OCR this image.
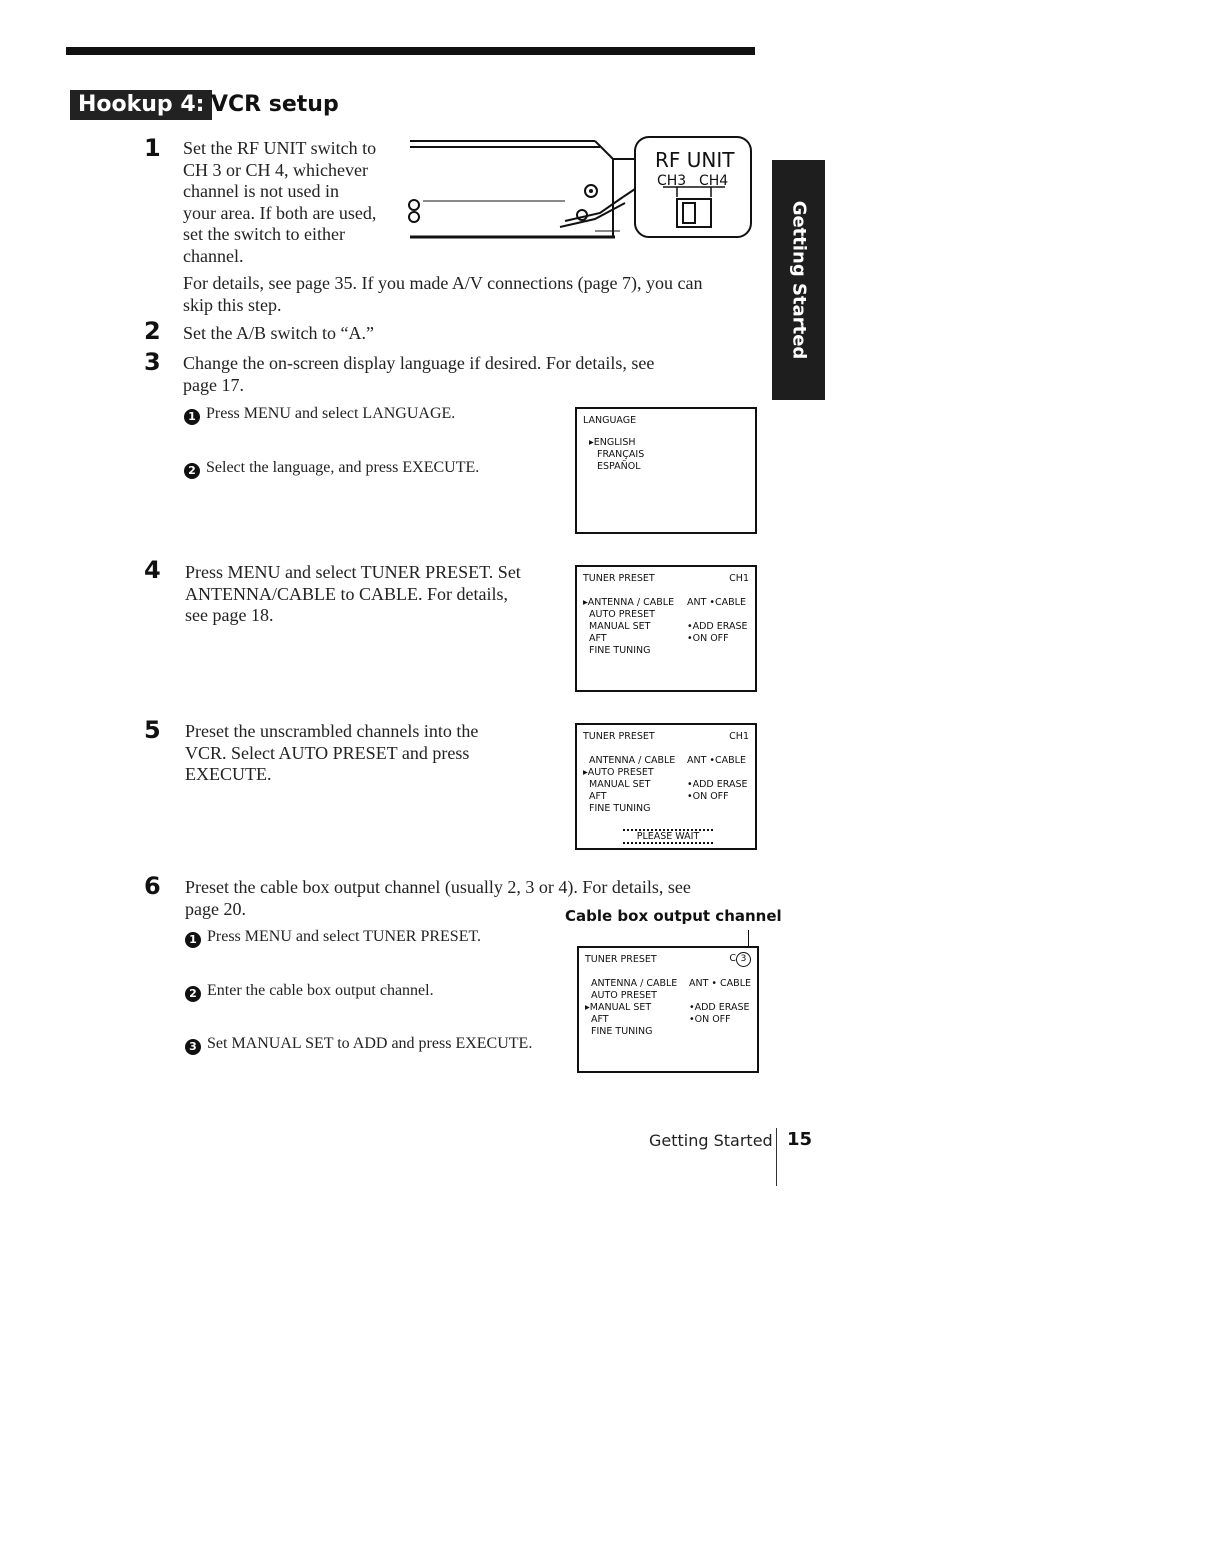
Hookup 4: VCR setup
Getting Started
1 Set the RF UNIT switch to
CH 3 or CH 4, whichever
channel is not used in
your area. If both are used,
set the switch to either
channel.
RF UNIT
CH3 CH4
For details, see page 35. If you made A/V connections (page 7), you can
skip this step.
2 Set the A/B switch to “A.”
3 Change the on-screen display language if desired. For details, see
page 17.
1 Press MENU and select LANGUAGE.
2 Select the language, and press EXECUTE.
LANGUAGE
▸ENGLISH
FRANÇAIS
ESPAÑOL
4 Press MENU and select TUNER PRESET. Set
ANTENNA/CABLE to CABLE. For details,
see page 18.
TUNER PRESET	CH1
▸ANTENNA / CABLE ANT •CABLE
AUTO PRESET
MANUAL SET	•ADD ERASE
AFT	•ON OFF
FINE TUNING
5 Preset the unscrambled channels into the
VCR. Select AUTO PRESET and press
EXECUTE.
TUNER PRESET	CH1
ANTENNA / CABLE ANT •CABLE
▸AUTO PRESET
MANUAL SET	•ADD ERASE
AFT	•ON OFF
FINE TUNING
PLEASE WAIT
6 Preset the cable box output channel (usually 2, 3 or 4). For details, see
page 20.
1 Press MENU and select TUNER PRESET.
2 Enter the cable box output channel.
3 Set MANUAL SET to ADD and press EXECUTE.
Cable box output channel
TUNER PRESET	C 3
ANTENNA / CABLE ANT • CABLE
AUTO PRESET
▸MANUAL SET	•ADD ERASE
AFT	•ON OFF
FINE TUNING
Getting Started 15
